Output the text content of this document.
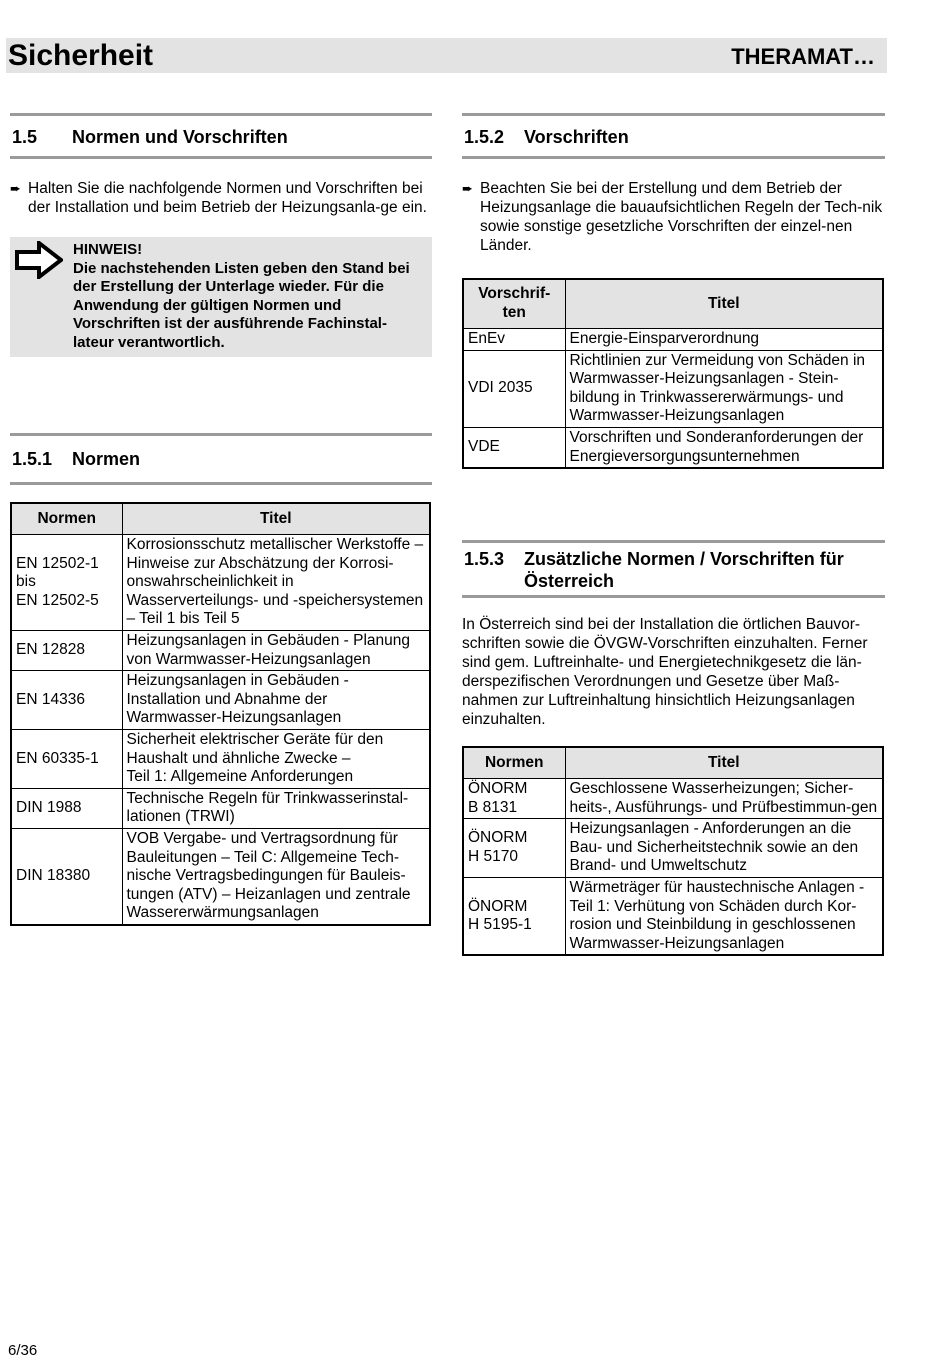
Sicherheit	THERAMAT…
1.5	Normen und Vorschriften
➨ Halten Sie die nachfolgende Normen und Vorschriften bei der Installation und beim Betrieb der Heizungsanla-ge ein.
HINWEIS!
Die nachstehenden Listen geben den Stand bei der Erstellung der Unterlage wieder. Für die Anwendung der gültigen Normen und Vorschriften ist der ausführende Fachinstal-lateur verantwortlich.
1.5.1	Normen
Normen	Titel
EN 12502-1
bis
EN 12502-5	Korrosionsschutz metallischer Werkstoffe – Hinweise zur Abschätzung der Korrosi-onswahrscheinlichkeit in Wasserverteilungs- und -speichersystemen – Teil 1 bis Teil 5
EN 12828	Heizungsanlagen in Gebäuden - Planung von Warmwasser-Heizungsanlagen
EN 14336	Heizungsanlagen in Gebäuden - Installation und Abnahme der Warmwasser-Heizungsanlagen
EN 60335-1	Sicherheit elektrischer Geräte für den Haushalt und ähnliche Zwecke –
Teil 1: Allgemeine Anforderungen
DIN 1988	Technische Regeln für Trinkwasserinstal-lationen (TRWI)
DIN 18380	VOB Vergabe- und Vertragsordnung für Bauleitungen – Teil C: Allgemeine Tech-nische Vertragsbedingungen für Bauleis-tungen (ATV) – Heizanlagen und zentrale Wassererwärmungsanlagen
1.5.2	Vorschriften
➨ Beachten Sie bei der Erstellung und dem Betrieb der Heizungsanlage die bauaufsichtlichen Regeln der Tech-nik sowie sonstige gesetzliche Vorschriften der einzel-nen Länder.
Vorschrif-ten	Titel
EnEv	Energie-Einsparverordnung
VDI 2035	Richtlinien zur Vermeidung von Schäden in Warmwasser-Heizungsanlagen - Stein-bildung in Trinkwassererwärmungs- und Warmwasser-Heizungsanlagen
VDE	Vorschriften und Sonderanforderungen der Energieversorgungsunternehmen
1.5.3	Zusätzliche Normen / Vorschriften für Österreich

In Österreich sind bei der Installation die örtlichen Bauvor-schriften sowie die ÖVGW-Vorschriften einzuhalten. Ferner sind gem. Luftreinhalte- und Energietechnikgesetz die län-derspezifischen Verordnungen und Gesetze über Maß-nahmen zur Luftreinhaltung hinsichtlich Heizungsanlagen einzuhalten.

Normen	Titel
ÖNORM
B 8131	Geschlossene Wasserheizungen; Sicher-heits-, Ausführungs- und Prüfbestimmun-gen
ÖNORM
H 5170	Heizungsanlagen - Anforderungen an die Bau- und Sicherheitstechnik sowie an den Brand- und Umweltschutz
ÖNORM
H 5195-1	Wärmeträger für haustechnische Anlagen - Teil 1: Verhütung von Schäden durch Kor-rosion und Steinbildung in geschlossenen Warmwasser-Heizungsanlagen
6/36
